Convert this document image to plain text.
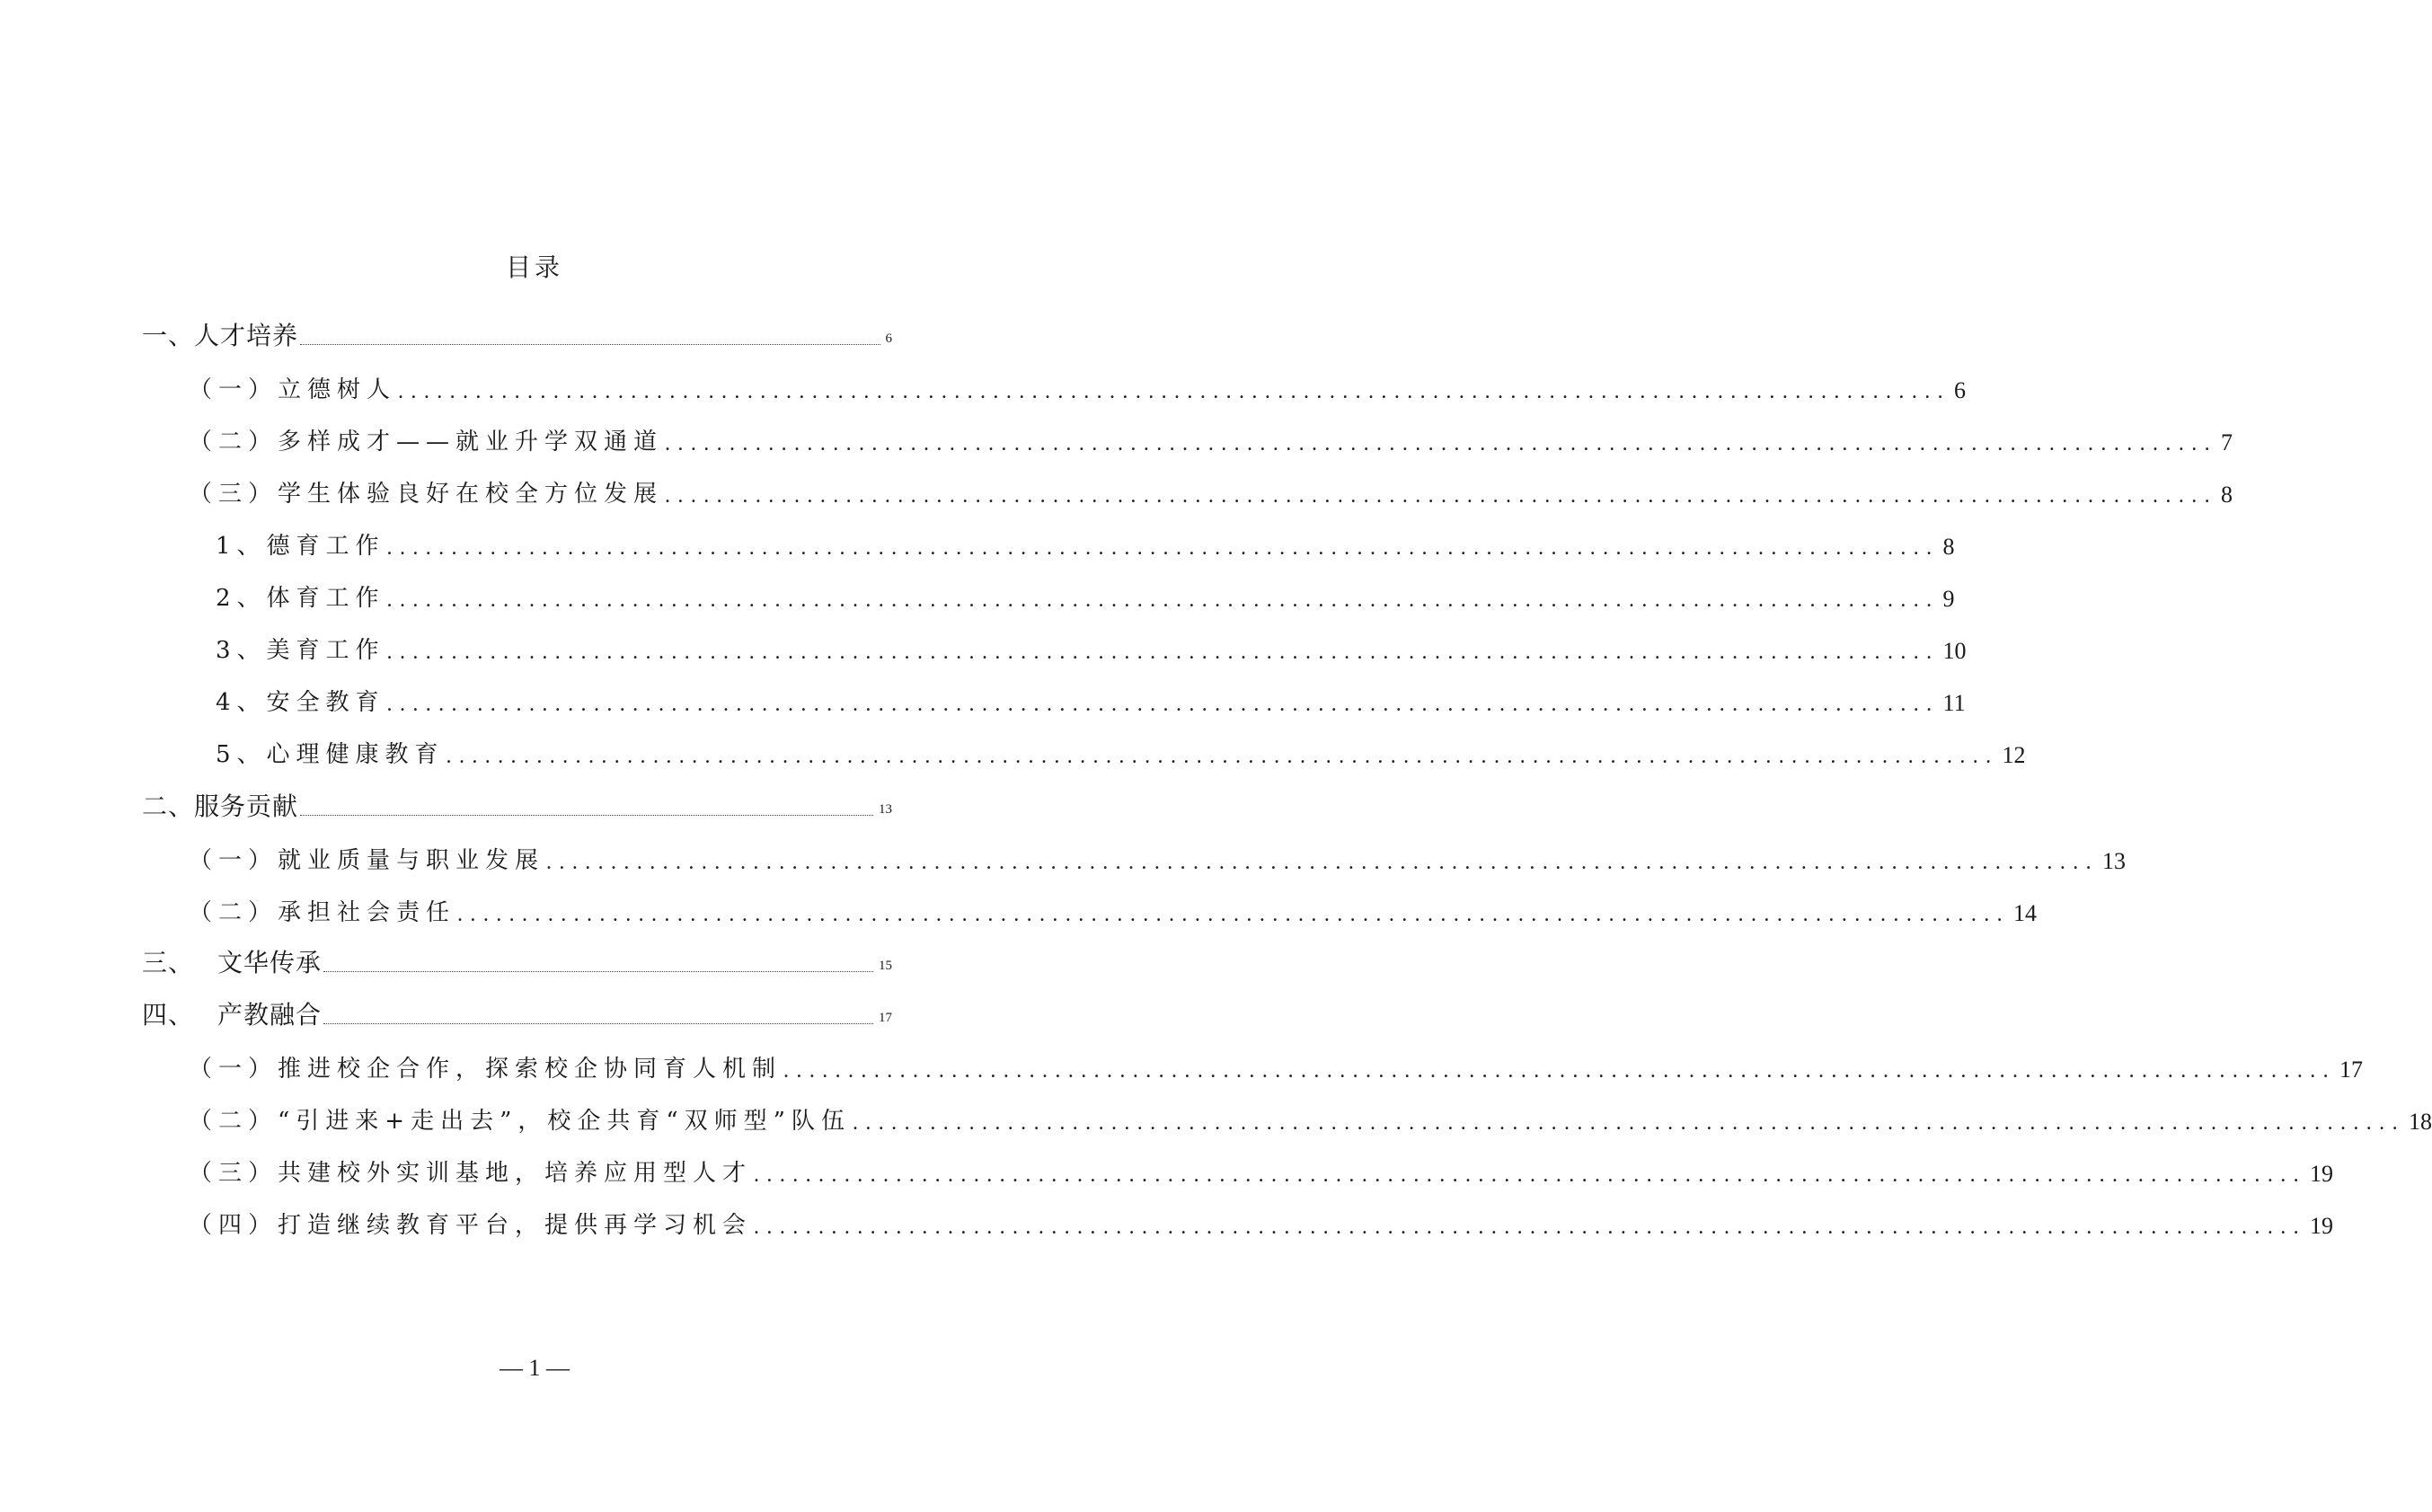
目录
一、人才培养	6
（一）立德树人 ........................................................................................................................ 6
（二）多样成才——就业升学双通道 ........................................................................................................................ 7
（三）学生体验良好在校全方位发展 ........................................................................................................................ 8
1、德育工作 ........................................................................................................................ 8
2、体育工作 ........................................................................................................................ 9
3、美育工作 ........................................................................................................................ 10
4、安全教育 ........................................................................................................................ 11
5、心理健康教育 ........................................................................................................................ 12
二、服务贡献	13
（一）就业质量与职业发展 ........................................................................................................................ 13
（二）承担社会责任 ........................................................................................................................ 14
三、 文华传承	15
四、 产教融合	17
（一）推进校企合作，探索校企协同育人机制 ........................................................................................................................ 17
（二）“引进来+走出去”，校企共育“双师型”队伍 ........................................................................................................................ 18
（三）共建校外实训基地，培养应用型人才 ........................................................................................................................ 19
（四）打造继续教育平台，提供再学习机会 ........................................................................................................................ 19
— 1 —
